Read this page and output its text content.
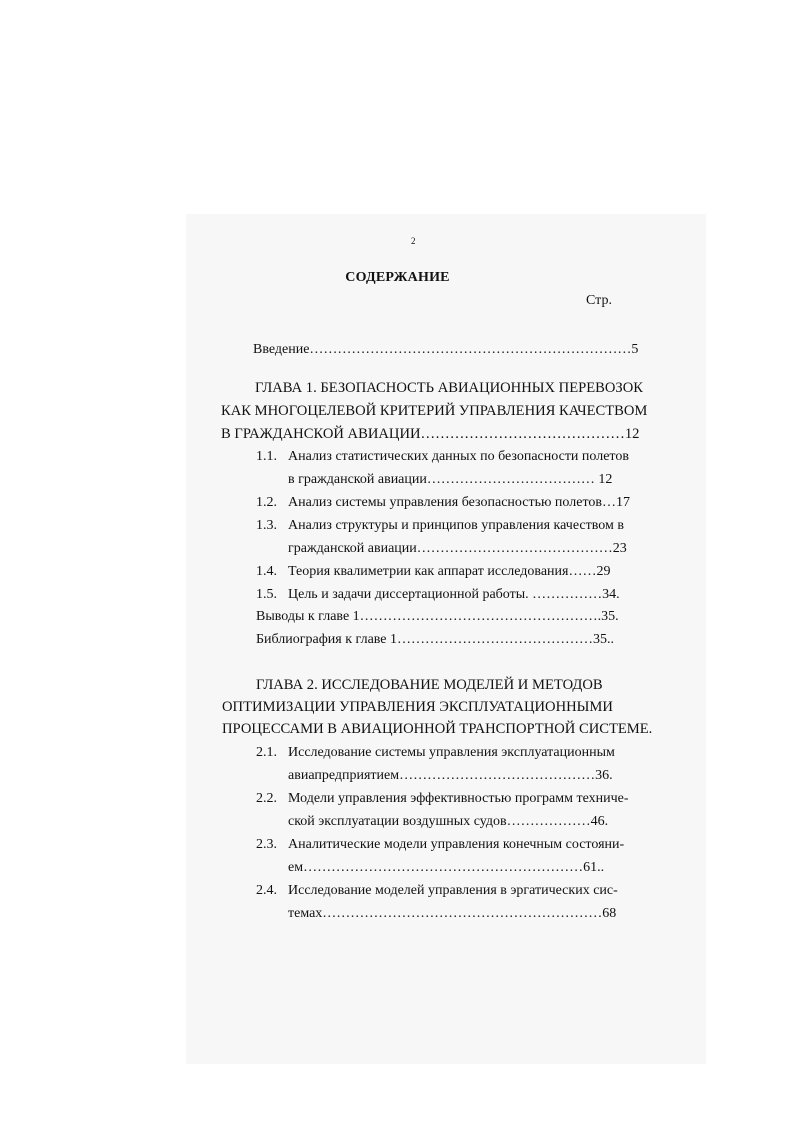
2
СОДЕРЖАНИЕ
Стр.
Введение……………………………………………………………5
ГЛАВА 1. БЕЗОПАСНОСТЬ АВИАЦИОННЫХ ПЕРЕВОЗОК
КАК МНОГОЦЕЛЕВОЙ КРИТЕРИЙ УПРАВЛЕНИЯ КАЧЕСТВОМ
В ГРАЖДАНСКОЙ АВИАЦИИ……………………………………12
1.1. Анализ статистических данных по безопасности полетов
в гражданской авиации……………………………… 12
1.2. Анализ системы управления безопасностью полетов…17
1.3. Анализ структуры и принципов управления качеством в
гражданской авиации……………………………………23
1.4. Теория квалиметрии как аппарат исследования……29
1.5. Цель и задачи диссертационной работы. ……………34.
Выводы к главе 1…………………………………………….35.
Библиография к главе 1……………………………………35..
ГЛАВА 2. ИССЛЕДОВАНИЕ МОДЕЛЕЙ И МЕТОДОВ
ОПТИМИЗАЦИИ УПРАВЛЕНИЯ ЭКСПЛУАТАЦИОННЫМИ
ПРОЦЕССАМИ В АВИАЦИОННОЙ ТРАНСПОРТНОЙ СИСТЕМЕ.
2.1. Исследование системы управления эксплуатационным
авиапредприятием……………………………………36.
2.2. Модели управления эффективностью программ техниче-
ской эксплуатации воздушных судов………………46.
2.3. Аналитические модели управления конечным состояни-
ем……………………………………………………61..
2.4. Исследование моделей управления в эргатических сис-
темах……………………………………………………68
